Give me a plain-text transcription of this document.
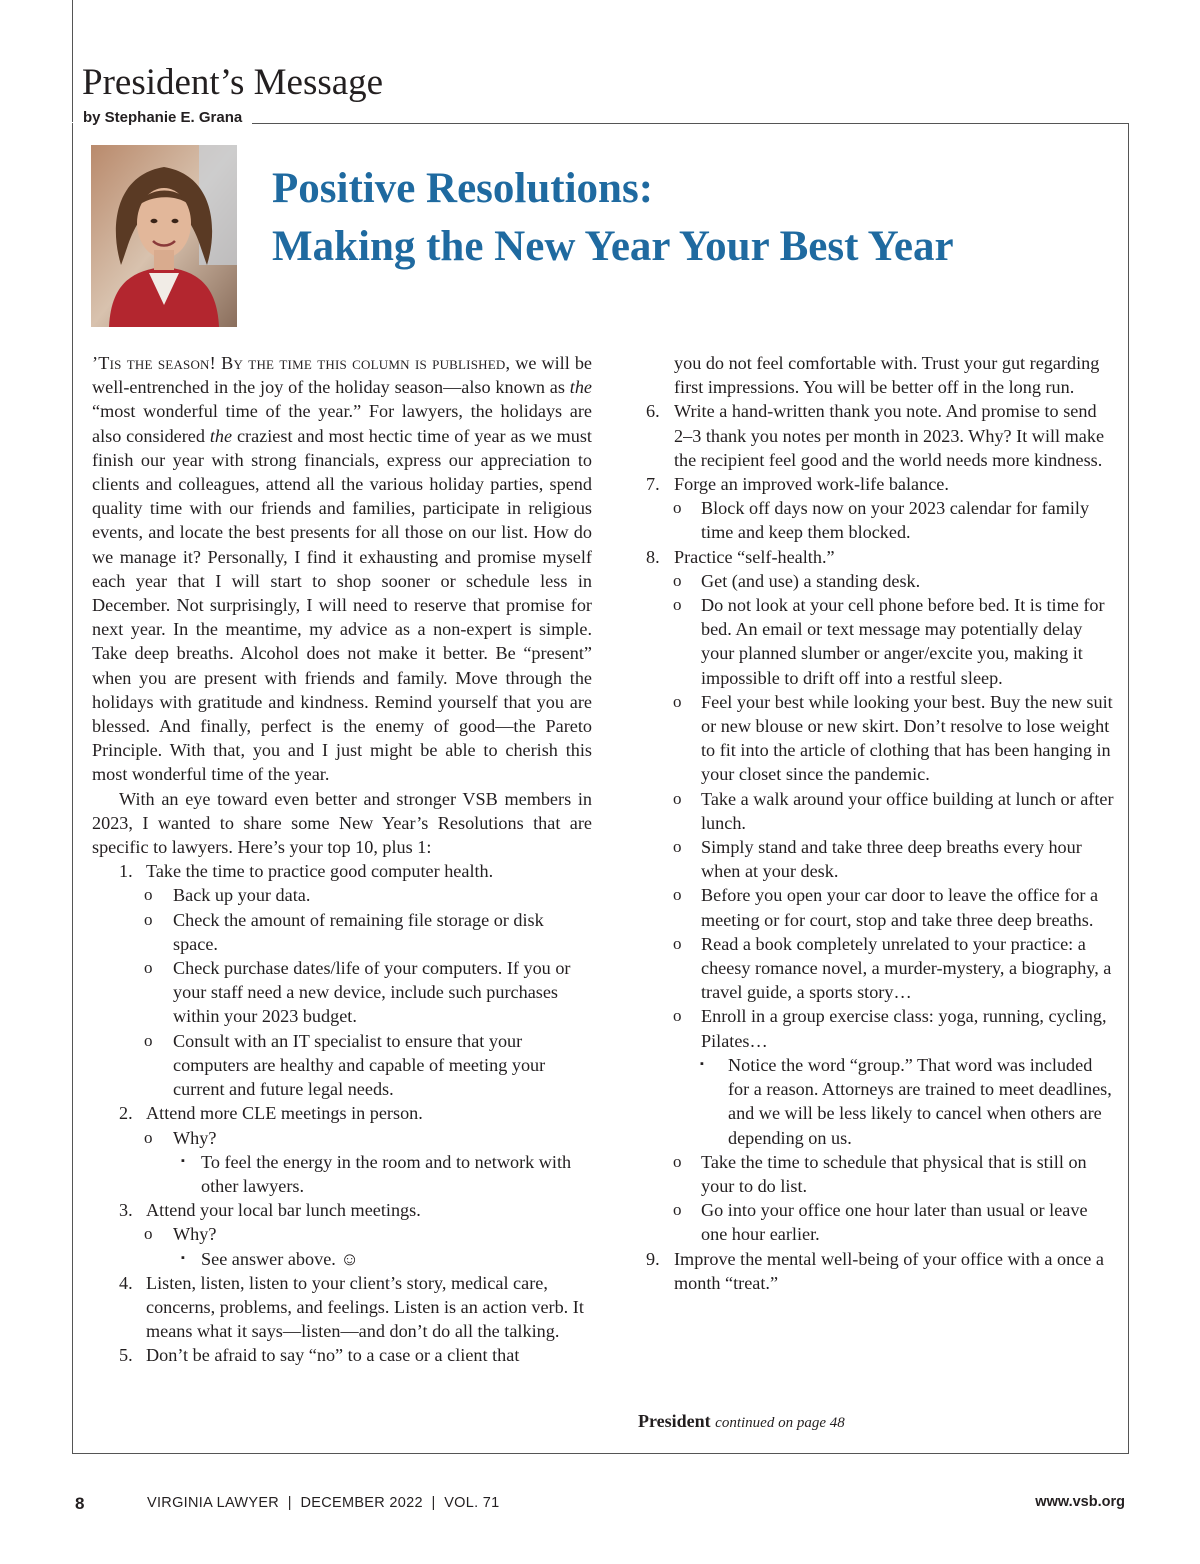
President’s Message
by Stephanie E. Grana
Positive Resolutions:
Making the New Year Your Best Year

’Tis the season! By the time this column is published, we will be well-entrenched in the joy of the holiday season—also known as the “most wonderful time of the year.” For lawyers, the holidays are also considered the craziest and most hectic time of year as we must finish our year with strong financials, express our appreciation to clients and colleagues, attend all the various holiday parties, spend quality time with our friends and families, participate in religious events, and locate the best presents for all those on our list. How do we manage it? Personally, I find it exhausting and promise myself each year that I will start to shop sooner or schedule less in December. Not surprisingly, I will need to reserve that promise for next year. In the meantime, my advice as a non-expert is simple. Take deep breaths. Alcohol does not make it better. Be “present” when you are present with friends and family. Move through the holidays with gratitude and kindness. Remind yourself that you are blessed. And finally, perfect is the enemy of good—the Pareto Principle. With that, you and I just might be able to cherish this most wonderful time of the year.

With an eye toward even better and stronger VSB members in 2023, I wanted to share some New Year’s Resolutions that are specific to lawyers. Here’s your top 10, plus 1:

1. Take the time to practice good computer health.
o Back up your data.
o Check the amount of remaining file storage or disk space.
o Check purchase dates/life of your computers. If you or your staff need a new device, include such purchases within your 2023 budget.
o Consult with an IT specialist to ensure that your computers are healthy and capable of meeting your current and future legal needs.
2. Attend more CLE meetings in person.
o Why?
▪ To feel the energy in the room and to network with other lawyers.
3. Attend your local bar lunch meetings.
o Why?
▪ See answer above. ☺
4. Listen, listen, listen to your client’s story, medical care, concerns, problems, and feelings. Listen is an action verb. It means what it says—listen—and don’t do all the talking.
5. Don’t be afraid to say “no” to a case or a client that

you do not feel comfortable with. Trust your gut regarding first impressions. You will be better off in the long run.

6. Write a hand-written thank you note. And promise to send 2–3 thank you notes per month in 2023. Why? It will make the recipient feel good and the world needs more kindness.
7. Forge an improved work-life balance.
o Block off days now on your 2023 calendar for family time and keep them blocked.
8. Practice “self-health.”
o Get (and use) a standing desk.
o Do not look at your cell phone before bed. It is time for bed. An email or text message may potentially delay your planned slumber or anger/excite you, making it impossible to drift off into a restful sleep.
o Feel your best while looking your best. Buy the new suit or new blouse or new skirt. Don’t resolve to lose weight to fit into the article of clothing that has been hanging in your closet since the pandemic.
o Take a walk around your office building at lunch or after lunch.
o Simply stand and take three deep breaths every hour when at your desk.
o Before you open your car door to leave the office for a meeting or for court, stop and take three deep breaths.
o Read a book completely unrelated to your practice: a cheesy romance novel, a murder-mystery, a biography, a travel guide, a sports story…
o Enroll in a group exercise class: yoga, running, cycling, Pilates…
▪ Notice the word “group.” That word was included for a reason. Attorneys are trained to meet deadlines, and we will be less likely to cancel when others are depending on us.
o Take the time to schedule that physical that is still on your to do list.
o Go into your office one hour later than usual or leave one hour earlier.
9. Improve the mental well-being of your office with a once a month “treat.”
President continued on page 48
8	VIRGINIA LAWYER  |  DECEMBER 2022  |  VOL. 71	www.vsb.org
